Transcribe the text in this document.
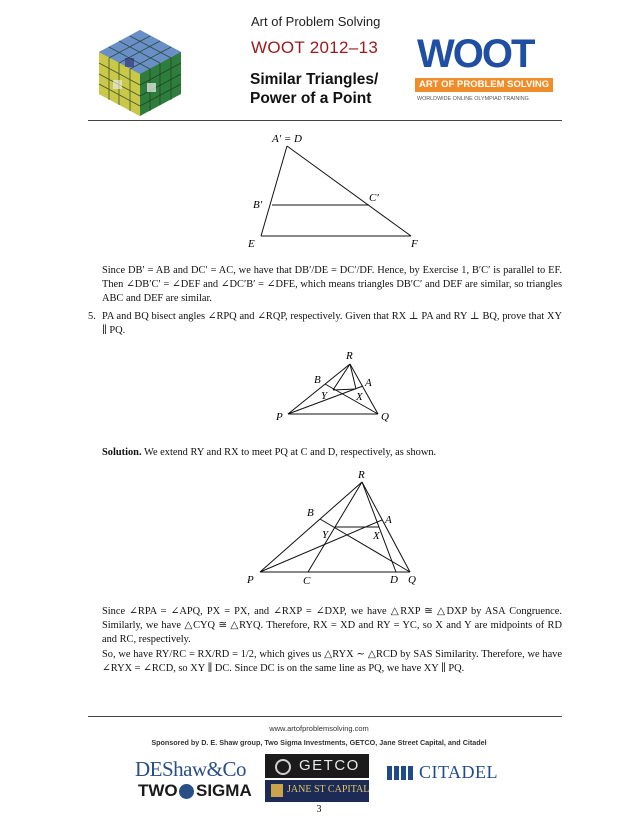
Art of Problem Solving
WOOT 2012–13
Similar Triangles/
Power of a Point
WOOT
ART OF PROBLEM SOLVING
WORLDWIDE ONLINE OLYMPIAD TRAINING
A′ = D
B′
C′
E	F
Since DB′ = AB and DC′ = AC, we have that DB′/DE = DC′/DF. Hence, by Exercise 1, B′C′ is parallel to EF. Then ∠DB′C′ = ∠DEF and ∠DC′B′ = ∠DFE, which means triangles DB′C′ and DEF are similar, so triangles ABC and DEF are similar.
5. PA and BQ bisect angles ∠RPQ and ∠RQP, respectively. Given that RX ⊥ PA and RY ⊥ BQ, prove that XY ∥ PQ.
R
B	A
Y	X
P	Q
Solution. We extend RY and RX to meet PQ at C and D, respectively, as shown.
R
B
A
Y	X
P	C	D Q
Since ∠RPA = ∠APQ, PX = PX, and ∠RXP = ∠DXP, we have △RXP ≅ △DXP by ASA Congruence. Similarly, we have △CYQ ≅ △RYQ. Therefore, RX = XD and RY = YC, so X and Y are midpoints of RD and RC, respectively.
So, we have RY/RC = RX/RD = 1/2, which gives us △RYX ∼ △RCD by SAS Similarity. Therefore, we have ∠RYX = ∠RCD, so XY ∥ DC. Since DC is on the same line as PQ, we have XY ∥ PQ.
www.artofproblemsolving.com
Sponsored by D. E. Shaw group, Two Sigma Investments, GETCO, Jane Street Capital, and Citadel
DEShaw&Co
TWO SIGMA
GETCO
JANE ST CAPITAL
CITADEL
3
